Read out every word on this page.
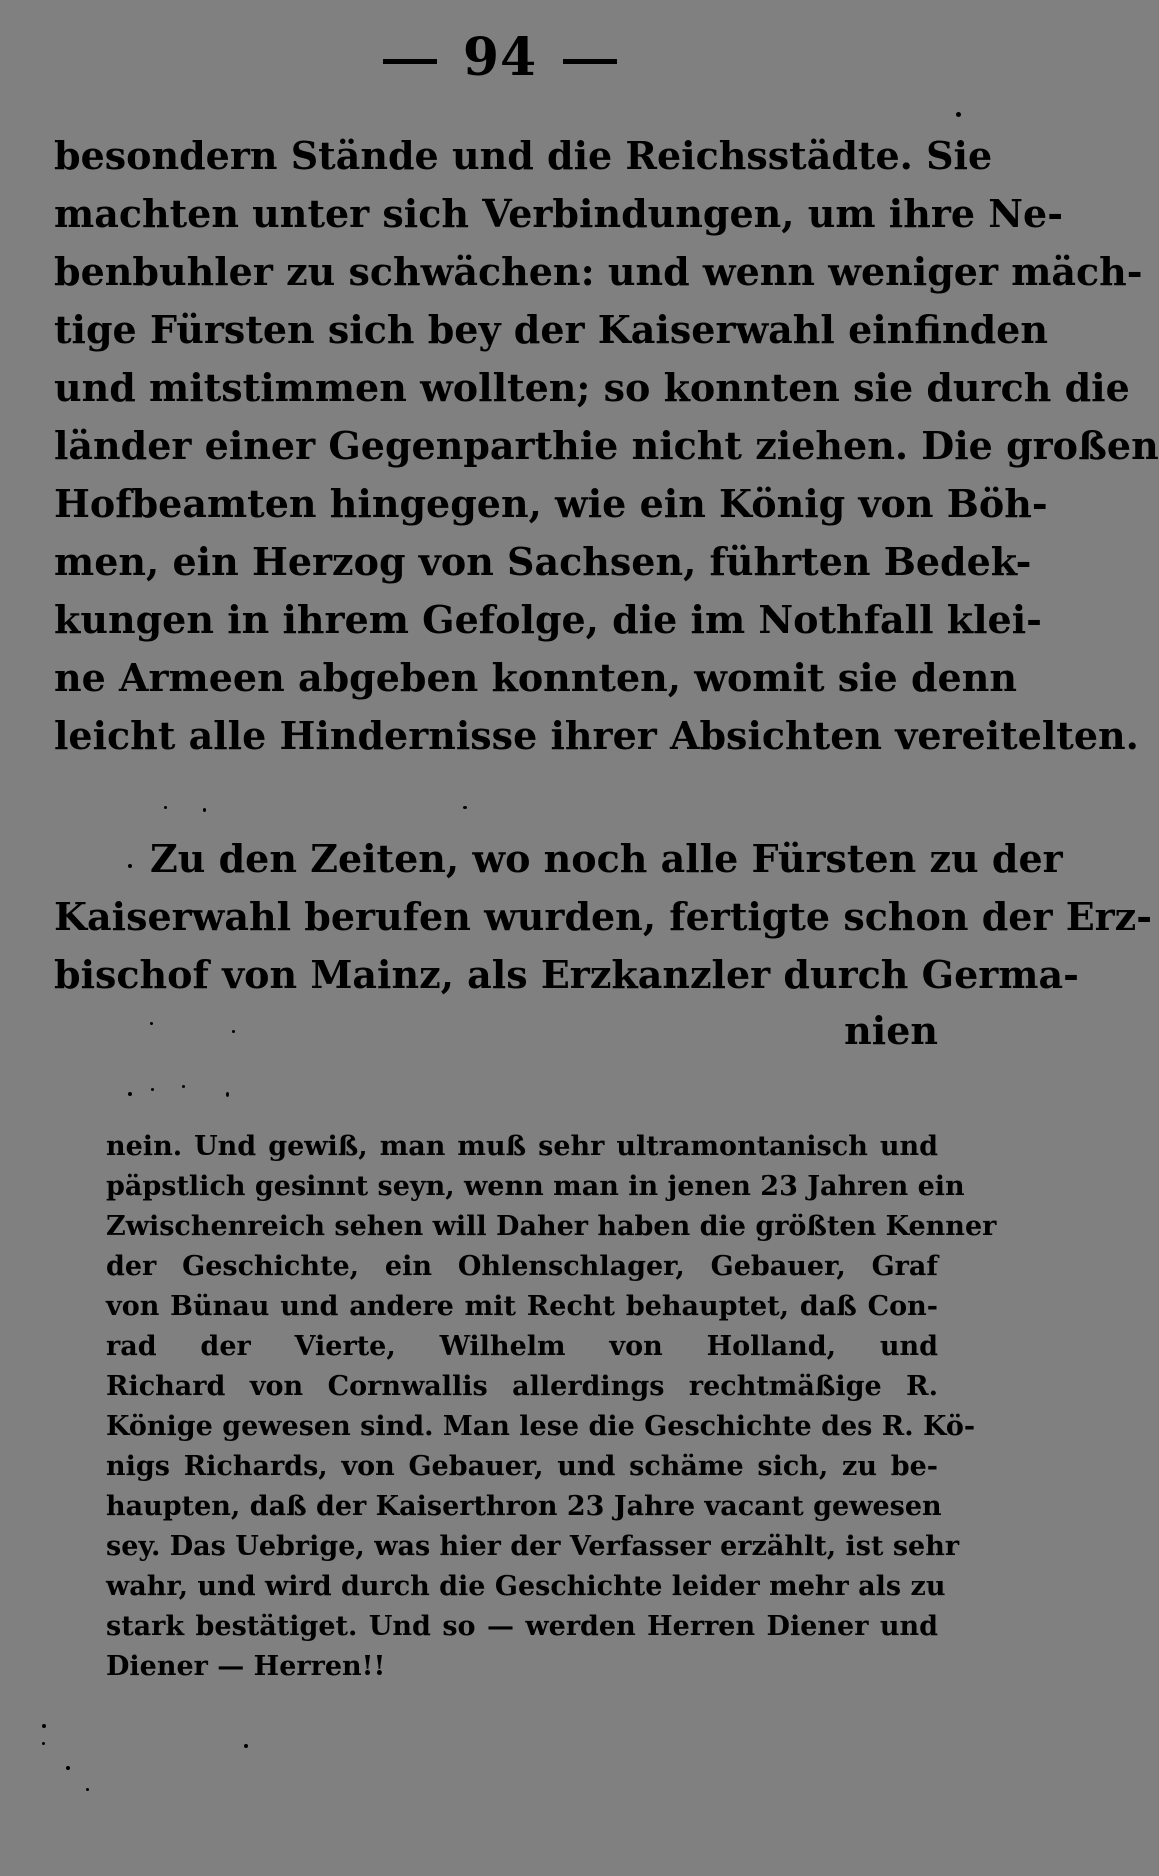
94
besondern Stände und die Reichsstädte. Sie
machten unter sich Verbindungen, um ihre Ne-
benbuhler zu schwächen: und wenn weniger mäch-
tige Fürsten sich bey der Kaiserwahl einfinden
und mitstimmen wollten; so konnten sie durch die
länder einer Gegenparthie nicht ziehen. Die großen
Hofbeamten hingegen, wie ein König von Böh-
men, ein Herzog von Sachsen, führten Bedek-
kungen in ihrem Gefolge, die im Nothfall klei-
ne Armeen abgeben konnten, womit sie denn
leicht alle Hindernisse ihrer Absichten vereitelten.
Zu den Zeiten, wo noch alle Fürsten zu der
Kaiserwahl berufen wurden, fertigte schon der Erz-
bischof von Mainz, als Erzkanzler durch Germa-
nien
nein. Und gewiß, man muß sehr ultramontanisch und
päpstlich gesinnt seyn, wenn man in jenen 23 Jahren ein
Zwischenreich sehen will Daher haben die größten Kenner
der Geschichte, ein Ohlenschlager, Gebauer, Graf
von Bünau und andere mit Recht behauptet, daß Con-
rad der Vierte, Wilhelm von Holland, und
Richard von Cornwallis allerdings rechtmäßige R.
Könige gewesen sind. Man lese die Geschichte des R. Kö-
nigs Richards, von Gebauer, und schäme sich, zu be-
haupten, daß der Kaiserthron 23 Jahre vacant gewesen
sey. Das Uebrige, was hier der Verfasser erzählt, ist sehr
wahr, und wird durch die Geschichte leider mehr als zu
stark bestätiget. Und so — werden Herren Diener und
Diener — Herren!!
